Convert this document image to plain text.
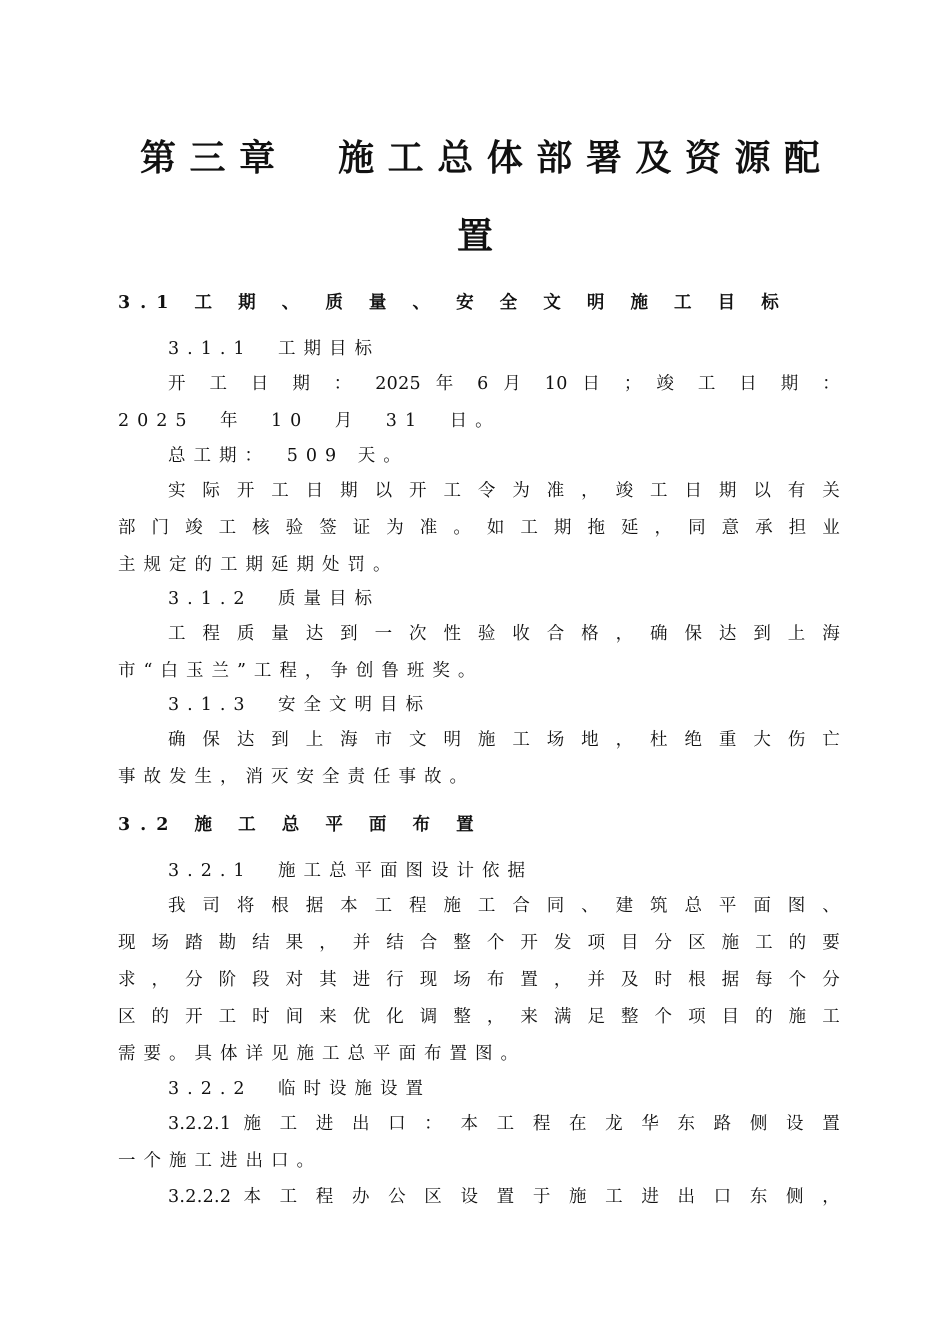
第三章　施工总体部署及资源配
置
3.1 工 期 、 质 量 、 安 全 文 明 施 工 目 标
3.1.1　工期目标
开 工 日 期 ： 2025 年 6 月 10 日 ； 竣 工 日 期 ：
2025　年　10　月　31　日。
总工期：　509 天。
实 际 开 工 日 期 以 开 工 令 为 准 ， 竣 工 日 期 以 有 关
部 门 竣 工 核 验 签 证 为 准 。 如 工 期 拖 延 ， 同 意 承 担 业
主规定的工期延期处罚。
3.1.2　质量目标
工 程 质 量 达 到 一 次 性 验 收 合 格 ， 确 保 达 到 上 海
市“白玉兰”工程，争创鲁班奖。
3.1.3　安全文明目标
确 保 达 到 上 海 市 文 明 施 工 场 地 ， 杜 绝 重 大 伤 亡
事故发生，消灭安全责任事故。
3.2 施 工 总 平 面 布 置
3.2.1　施工总平面图设计依据
我 司 将 根 据 本 工 程 施 工 合 同 、 建 筑 总 平 面 图 、
现 场 踏 勘 结 果 ， 并 结 合 整 个 开 发 项 目 分 区 施 工 的 要
求 ， 分 阶 段 对 其 进 行 现 场 布 置 ， 并 及 时 根 据 每 个 分
区 的 开 工 时 间 来 优 化 调 整 ， 来 满 足 整 个 项 目 的 施 工
需要。具体详见施工总平面布置图。
3.2.2　临时设施设置
3.2.2.1 施 工 进 出 口 ： 本 工 程 在 龙 华 东 路 侧 设 置
一个施工进出口。
3.2.2.2 本 工 程 办 公 区 设 置 于 施 工 进 出 口 东 侧 ，
